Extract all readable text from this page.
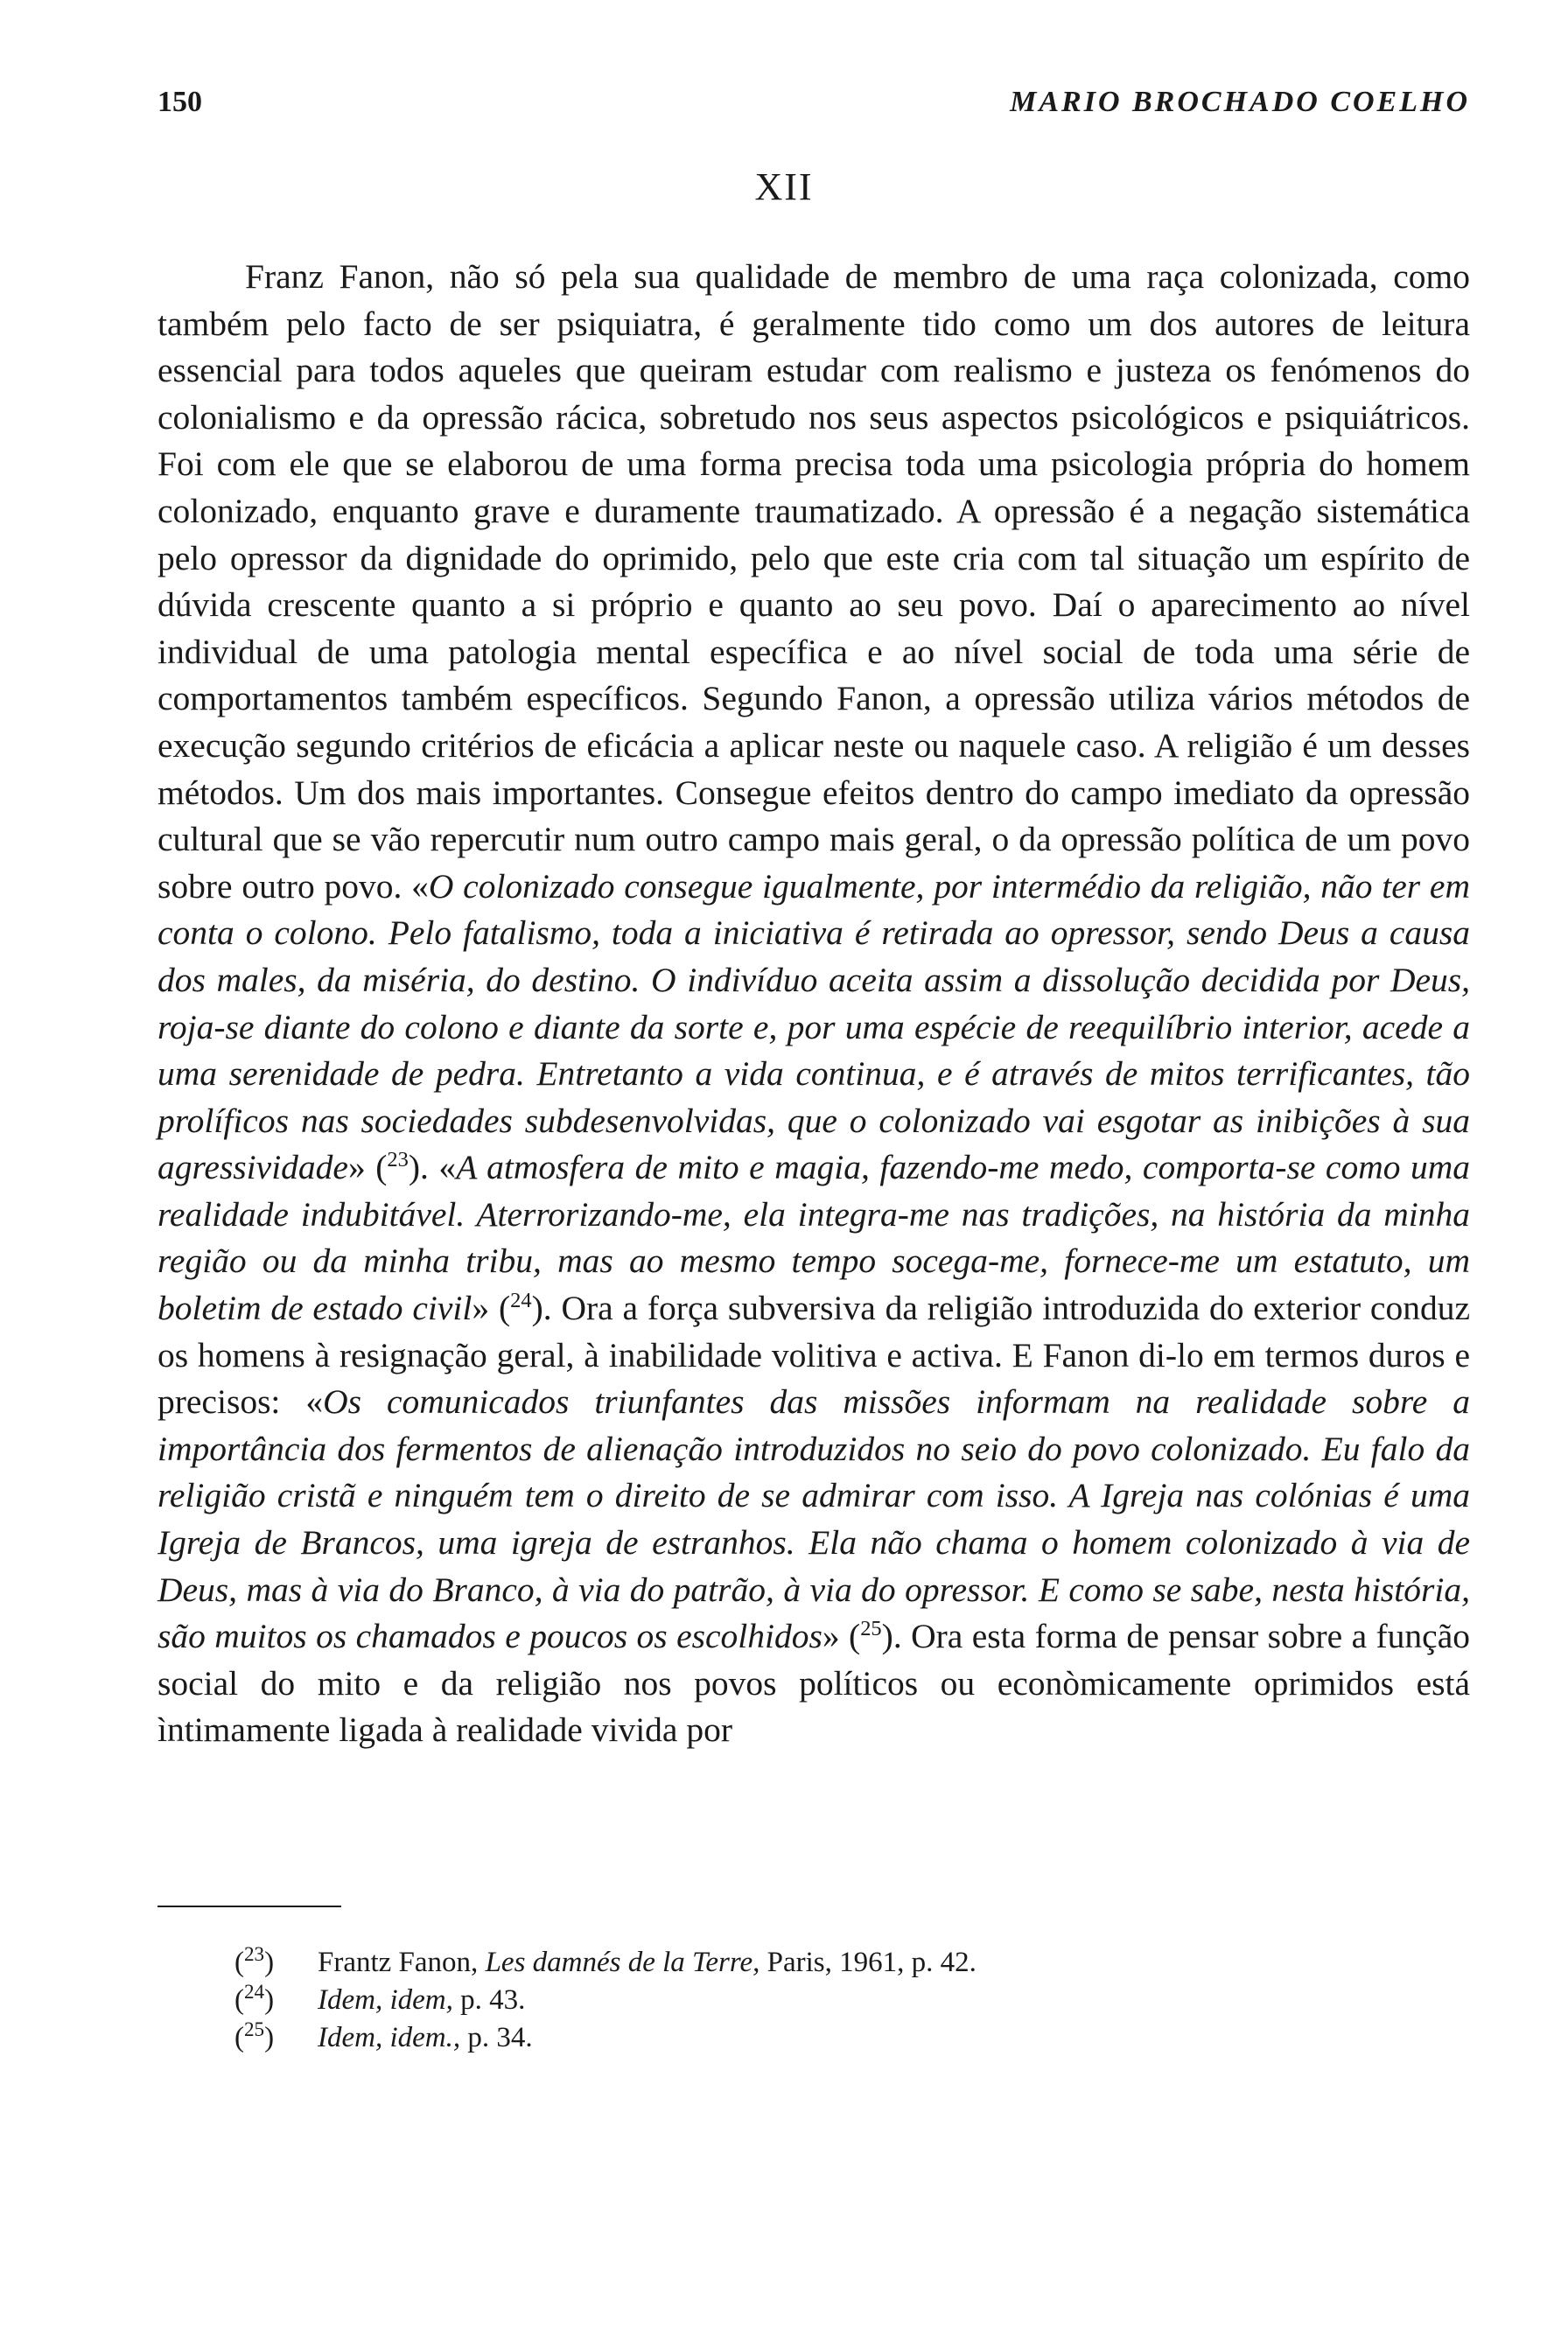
150	MARIO BROCHADO COELHO
XII

Franz Fanon, não só pela sua qualidade de membro de uma raça colonizada, como também pelo facto de ser psiquiatra, é geralmente tido como um dos autores de leitura essencial para todos aqueles que queiram estudar com realismo e justeza os fenómenos do colonialismo e da opressão rácica, sobretudo nos seus aspectos psicológicos e psiquiátricos. Foi com ele que se elaborou de uma forma precisa toda uma psicologia própria do homem colonizado, enquanto grave e duramente traumatizado. A opressão é a negação sistemática pelo opressor da dignidade do oprimido, pelo que este cria com tal situação um espírito de dúvida crescente quanto a si próprio e quanto ao seu povo. Daí o aparecimento ao nível individual de uma patologia mental específica e ao nível social de toda uma série de comportamentos também específicos. Segundo Fanon, a opressão utiliza vários métodos de execução segundo critérios de eficácia a aplicar neste ou naquele caso. A religião é um desses métodos. Um dos mais importantes. Consegue efeitos dentro do campo imediato da opressão cultural que se vão repercutir num outro campo mais geral, o da opressão política de um povo sobre outro povo. «O colonizado consegue igualmente, por intermédio da religião, não ter em conta o colono. Pelo fatalismo, toda a iniciativa é retirada ao opressor, sendo Deus a causa dos males, da miséria, do destino. O indivíduo aceita assim a dissolução decidida por Deus, roja-se diante do colono e diante da sorte e, por uma espécie de reequilíbrio interior, acede a uma serenidade de pedra. Entretanto a vida continua, e é através de mitos terrificantes, tão prolíficos nas sociedades subdesenvolvidas, que o colonizado vai esgotar as inibições à sua agressividade» ($^{23}$). «A atmosfera de mito e magia, fazendo-me medo, comporta-se como uma realidade indubitável. Aterrorizando-me, ela integra-me nas tradições, na história da minha região ou da minha tribu, mas ao mesmo tempo socega-me, fornece-me um estatuto, um boletim de estado civil» ($^{24}$). Ora a força subversiva da religião introduzida do exterior conduz os homens à resignação geral, à inabilidade volitiva e activa. E Fanon di-lo em termos duros e precisos: «Os comunicados triunfantes das missões informam na realidade sobre a importância dos fermentos de alienação introduzidos no seio do povo colonizado. Eu falo da religião cristã e ninguém tem o direito de se admirar com isso. A Igreja nas colónias é uma Igreja de Brancos, uma igreja de estranhos. Ela não chama o homem colonizado à via de Deus, mas à via do Branco, à via do patrão, à via do opressor. E como se sabe, nesta história, são muitos os chamados e poucos os escolhidos» ($^{25}$). Ora esta forma de pensar sobre a função social do mito e da religião nos povos políticos ou econòmicamente oprimidos está ìntimamente ligada à realidade vivida por

($^{23}$)	Frantz Fanon, Les damnés de la Terre, Paris, 1961, p. 42.
($^{24}$)	Idem, idem, p. 43.
($^{25}$)	Idem, idem., p. 34.
